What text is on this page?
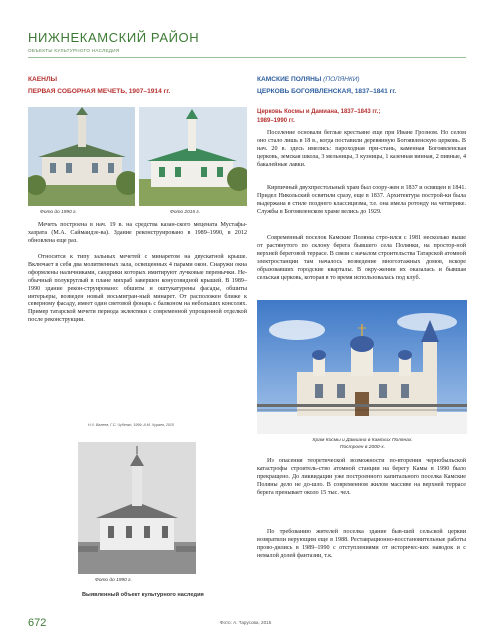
НИЖНЕКАМСКИЙ РАЙОН
ОБЪЕКТЫ КУЛЬТУРНОГО НАСЛЕДИЯ
КАЕНЛЫ
ПЕРВАЯ СОБОРНАЯ МЕЧЕТЬ, 1907–1914 гг.
Фото до 1990 г.	Фото 2015 г.
Мечеть построена в нач. 19 в. на средства казан-ского мецената Мустафы-хазрата (М.А. Саймаидзе-ва). Здание реконструировано в 1989–1990, в 2012 обновлена еще раз.
Относится к типу зальных мечетей с минаретом на двускатной крыше. Включает в себя два молитвенных зала, освещенных 4 парами окон. Снаружи окна оформлены наличниками, сандрики которых имитируют лучковые перемычки. Не-обычный полукруглый в плане михраб завершен конусовидной крышей. В 1989–1990 здание рекон-струировано: обшиты и оштукатурены фасады, обшиты интерьеры, возведен новый восьмигран-ный минарет. От расположен ближе к северному фасаду, имеет один световой фонарь с балконом на небольших консолях. Пример татарской мечети периода эклектики с современной упрощенной отделкой после реконструкции.
Н.Х. Валеев, Г.С. Чубенко, 1999; А.М. Чураев, 2015
Фото до 1990 г.
Выявленный объект культурного наследия
КАМСКИЕ ПОЛЯНЫ (ПОЛЯНКИ)
ЦЕРКОВЬ БОГОЯВЛЕНСКАЯ, 1837–1841 гг.
Церковь Космы и Дамиана, 1837–1843 гг.;
1989–1990 гг.
Поселение основали беглые крестьяне еще при Иване Грозном. Но селом оно стало лишь в 18 в., когда поставили деревянную Богоявленскую церковь. В нач. 20 в. здесь имелись: пароходная при-стань, каменная Богоявленская церковь, земская школа, 3 мельницы, 3 кузницы, 1 казенная винная, 2 пивные, 4 бакалейные лавки.
Кирпичный двухпрестольный храм был соору-жен в 1837 и освящен в 1841. Придел Никольский освятили сразу, еще в 1837. Архитектура построй-ки была выдержана в стиле позднего классицизма, т.е. она имела ротонду на четверике. Службы в Богоявленском храме велись до 1929.
Современный поселок Камские Поляны стро-ился с 1981 несколько выше от растянутого по склону берега бывшего села Полянки, на простор-ной верхней береговой террасе. В связи с началом строительства Татарской атомной электростанции там началось возведение многоэтажных домов, вскоре образовавших городские кварталы. В окру-жении их оказалась и бывшая сельская церковь, которая в то время использовалась под клуб.
Храм Космы и Дамиана в Камских Полянах.
Построен в 2000-х.
Из опасения теоретической возможности по-вторения чернобыльской катастрофы строитель-ство атомной станции на берегу Камы в 1990 было прекращено. До ликвидации уже построенного капитального поселка Камские Поляны дело не до-шло. В современном жилом массиве на верхней террасе берега пренывает около 15 тыс. чел.
По требованию жителей поселка здание быв-шей сельской церкви возвратили верующим еще в 1988. Реставрационно-восстановительные работы прово-дились в 1989–1990 с отступлениями от историчес-ких наводок и с немалой долей фантазии, т.к.
672	Фото: А. Тарусова, 2015
